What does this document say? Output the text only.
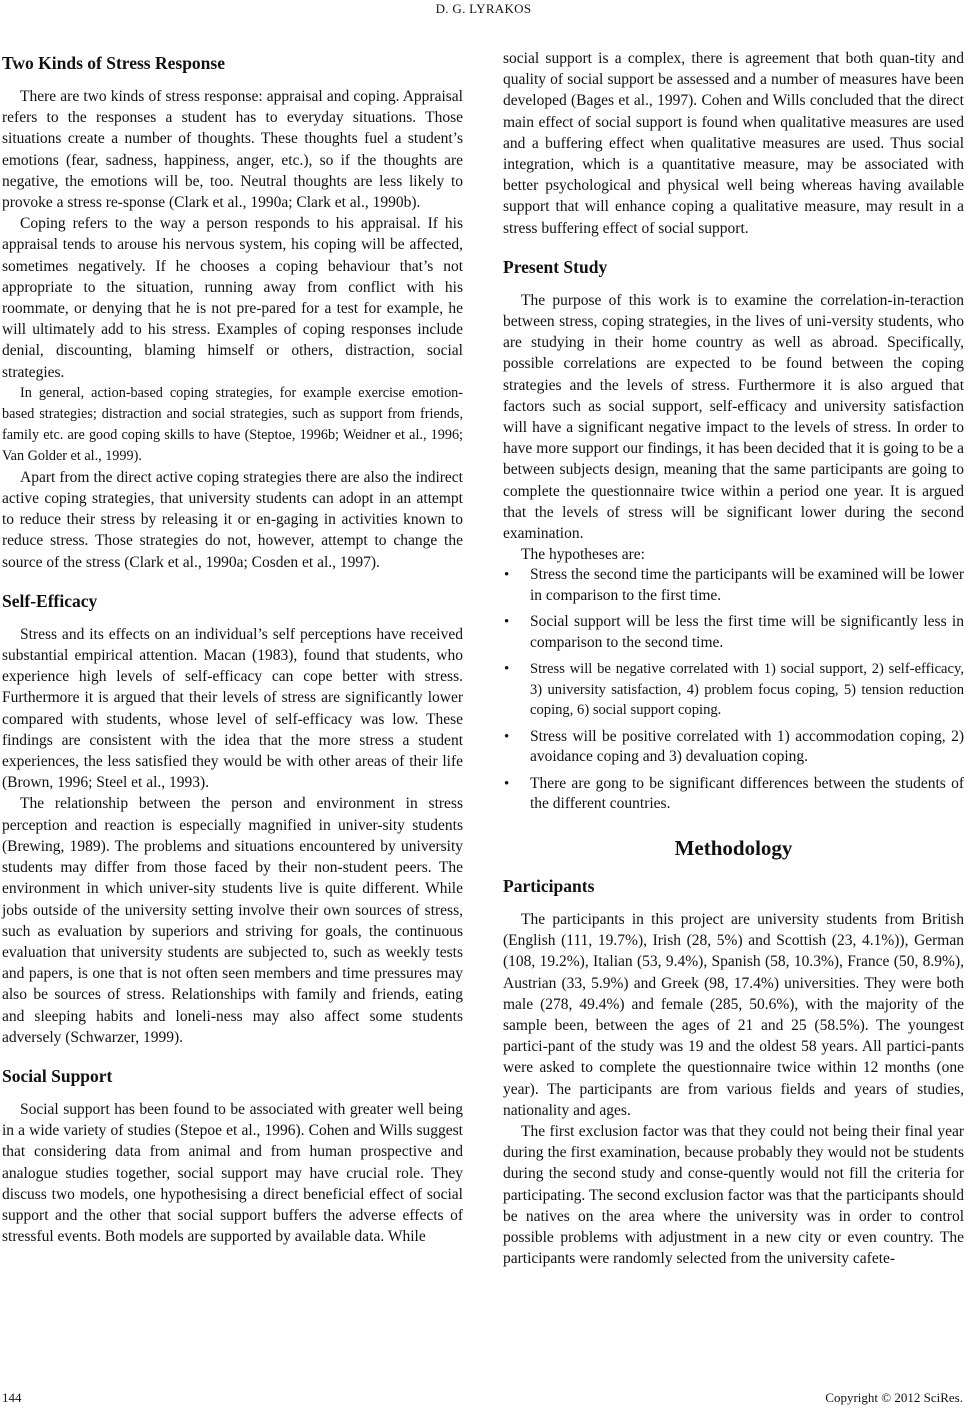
D. G. LYRAKOS
Two Kinds of Stress Response

There are two kinds of stress response: appraisal and coping. Appraisal refers to the responses a student has to everyday situations. Those situations create a number of thoughts. These thoughts fuel a student’s emotions (fear, sadness, happiness, anger, etc.), so if the thoughts are negative, the emotions will be, too. Neutral thoughts are less likely to provoke a stress re-sponse (Clark et al., 1990a; Clark et al., 1990b).

Coping refers to the way a person responds to his appraisal. If his appraisal tends to arouse his nervous system, his coping will be affected, sometimes negatively. If he chooses a coping behaviour that’s not appropriate to the situation, running away from conflict with his roommate, or denying that he is not pre-pared for a test for example, he will ultimately add to his stress. Examples of coping responses include denial, discounting, blaming himself or others, distraction, social strategies.

In general, action-based coping strategies, for example exercise emotion-based strategies; distraction and social strategies, such as support from friends, family etc. are good coping skills to have (Steptoe, 1996b; Weidner et al., 1996; Van Golder et al., 1999).

Apart from the direct active coping strategies there are also the indirect active coping strategies, that university students can adopt in an attempt to reduce their stress by releasing it or en-gaging in activities known to reduce stress. Those strategies do not, however, attempt to change the source of the stress (Clark et al., 1990a; Cosden et al., 1997).

Self-Efficacy

Stress and its effects on an individual’s self perceptions have received substantial empirical attention. Macan (1983), found that students, who experience high levels of self-efficacy can cope better with stress. Furthermore it is argued that their levels of stress are significantly lower compared with students, whose level of self-efficacy was low. These findings are consistent with the idea that the more stress a student experiences, the less satisfied they would be with other areas of their life (Brown, 1996; Steel et al., 1993).

The relationship between the person and environment in stress perception and reaction is especially magnified in univer-sity students (Brewing, 1989). The problems and situations encountered by university students may differ from those faced by their non-student peers. The environment in which univer-sity students live is quite different. While jobs outside of the university setting involve their own sources of stress, such as evaluation by superiors and striving for goals, the continuous evaluation that university students are subjected to, such as weekly tests and papers, is one that is not often seen members and time pressures may also be sources of stress. Relationships with family and friends, eating and sleeping habits and loneli-ness may also affect some students adversely (Schwarzer, 1999).

Social Support

Social support has been found to be associated with greater well being in a wide variety of studies (Stepoe et al., 1996). Cohen and Wills suggest that considering data from animal and from human prospective and analogue studies together, social support may have crucial role. They discuss two models, one hypothesising a direct beneficial effect of social support and the other that social support buffers the adverse effects of stressful events. Both models are supported by available data. While

social support is a complex, there is agreement that both quan-tity and quality of social support be assessed and a number of measures have been developed (Bages et al., 1997). Cohen and Wills concluded that the direct main effect of social support is found when qualitative measures are used and a buffering effect when qualitative measures are used. Thus social integration, which is a quantitative measure, may be associated with better psychological and physical well being whereas having available support that will enhance coping a qualitative measure, may result in a stress buffering effect of social support.

Present Study

The purpose of this work is to examine the correlation-in-teraction between stress, coping strategies, in the lives of uni-versity students, who are studying in their home country as well as abroad. Specifically, possible correlations are expected to be found between the coping strategies and the levels of stress. Furthermore it is also argued that factors such as social support, self-efficacy and university satisfaction will have a significant negative impact to the levels of stress. In order to have more support our findings, it has been decided that it is going to be a between subjects design, meaning that the same participants are going to complete the questionnaire twice within a period one year. It is argued that the levels of stress will be significant lower during the second examination.

The hypotheses are:

• Stress the second time the participants will be examined will be lower in comparison to the first time.
• Social support will be less the first time will be significantly less in comparison to the second time.
• Stress will be negative correlated with 1) social support, 2) self-efficacy, 3) university satisfaction, 4) problem focus coping, 5) tension reduction coping, 6) social support coping.
• Stress will be positive correlated with 1) accommodation coping, 2) avoidance coping and 3) devaluation coping.
• There are gong to be significant differences between the students of the different countries.
Methodology
Participants

The participants in this project are university students from British (English (111, 19.7%), Irish (28, 5%) and Scottish (23, 4.1%)), German (108, 19.2%), Italian (53, 9.4%), Spanish (58, 10.3%), France (50, 8.9%), Austrian (33, 5.9%) and Greek (98, 17.4%) universities. They were both male (278, 49.4%) and female (285, 50.6%), with the majority of the sample been, between the ages of 21 and 25 (58.5%). The youngest partici-pant of the study was 19 and the oldest 58 years. All partici-pants were asked to complete the questionnaire twice within 12 months (one year). The participants are from various fields and years of studies, nationality and ages.

The first exclusion factor was that they could not being their final year during the first examination, because probably they would not be students during the second study and conse-quently would not fill the criteria for participating. The second exclusion factor was that the participants should be natives on the area where the university was in order to control possible problems with adjustment in a new city or even country. The participants were randomly selected from the university cafete-

144	Copyright © 2012 SciRes.
